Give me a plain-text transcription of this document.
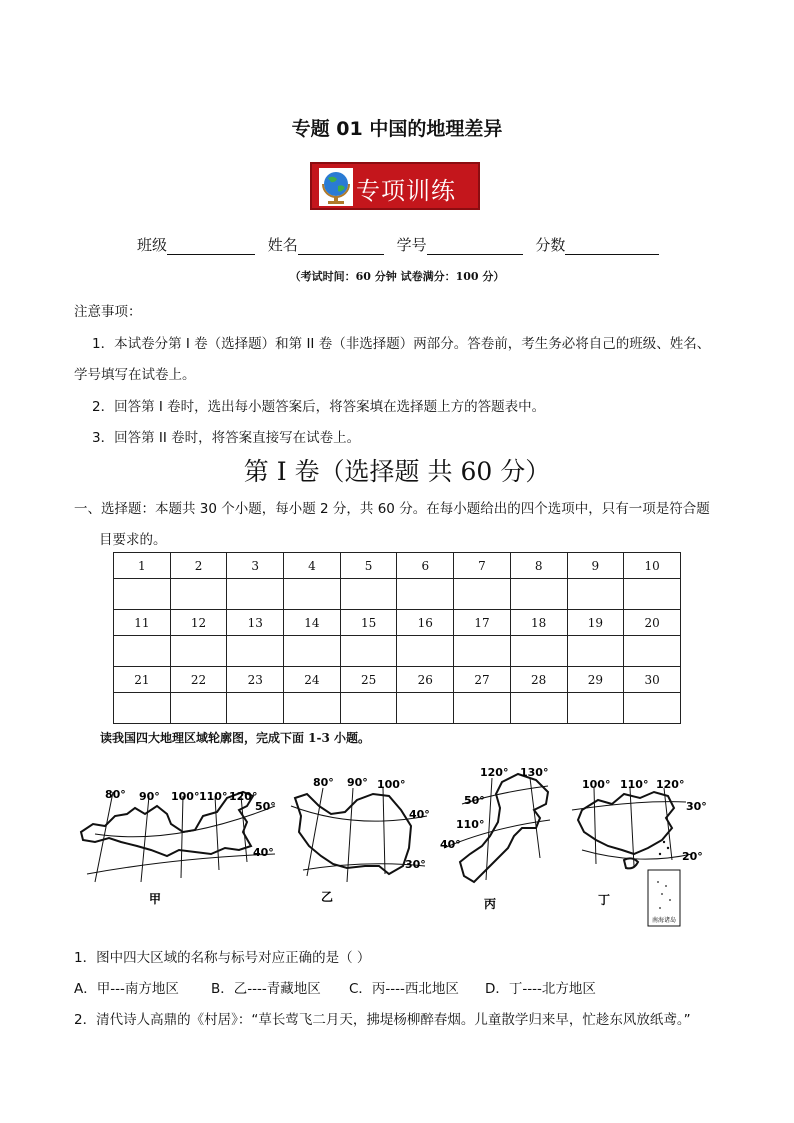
专题 01 中国的地理差异
专项训练
班级	姓名	学号	分数
（考试时间：60 分钟 试卷满分：100 分）
注意事项：
1．本试卷分第 I 卷（选择题）和第 II 卷（非选择题）两部分。答卷前，考生务必将自己的班级、姓名、
学号填写在试卷上。
2．回答第 I 卷时，选出每小题答案后，将答案填在选择题上方的答题表中。
3．回答第 II 卷时，将答案直接写在试卷上。
第 I 卷（选择题 共 60 分）
一、选择题：本题共 30 个小题，每小题 2 分，共 60 分。在每小题给出的四个选项中，只有一项是符合题
目要求的。
1	2	3	4	5	6	7	8	9	10

11	12	13	14	15	16	17	18	19	20

21	22	23	24	25	26	27	28	29	30

读我国四大地理区域轮廓图，完成下面 1-3 小题。
80° 90° 100° 110° 120°
50°
40°
甲
80° 90° 100°
40°
30°
乙
120° 130°
50°
110°
40°
丙
100° 110° 120°
30°
20°
丁
南海诸岛
1．图中四大区域的名称与标号对应正确的是（ ）
A．甲---南方地区 B．乙----青藏地区 C．丙----西北地区 D．丁----北方地区
2．清代诗人高鼎的《村居》：“草长莺飞二月天，拂堤杨柳醉春烟。儿童散学归来早，忙趁东风放纸鸢。”
